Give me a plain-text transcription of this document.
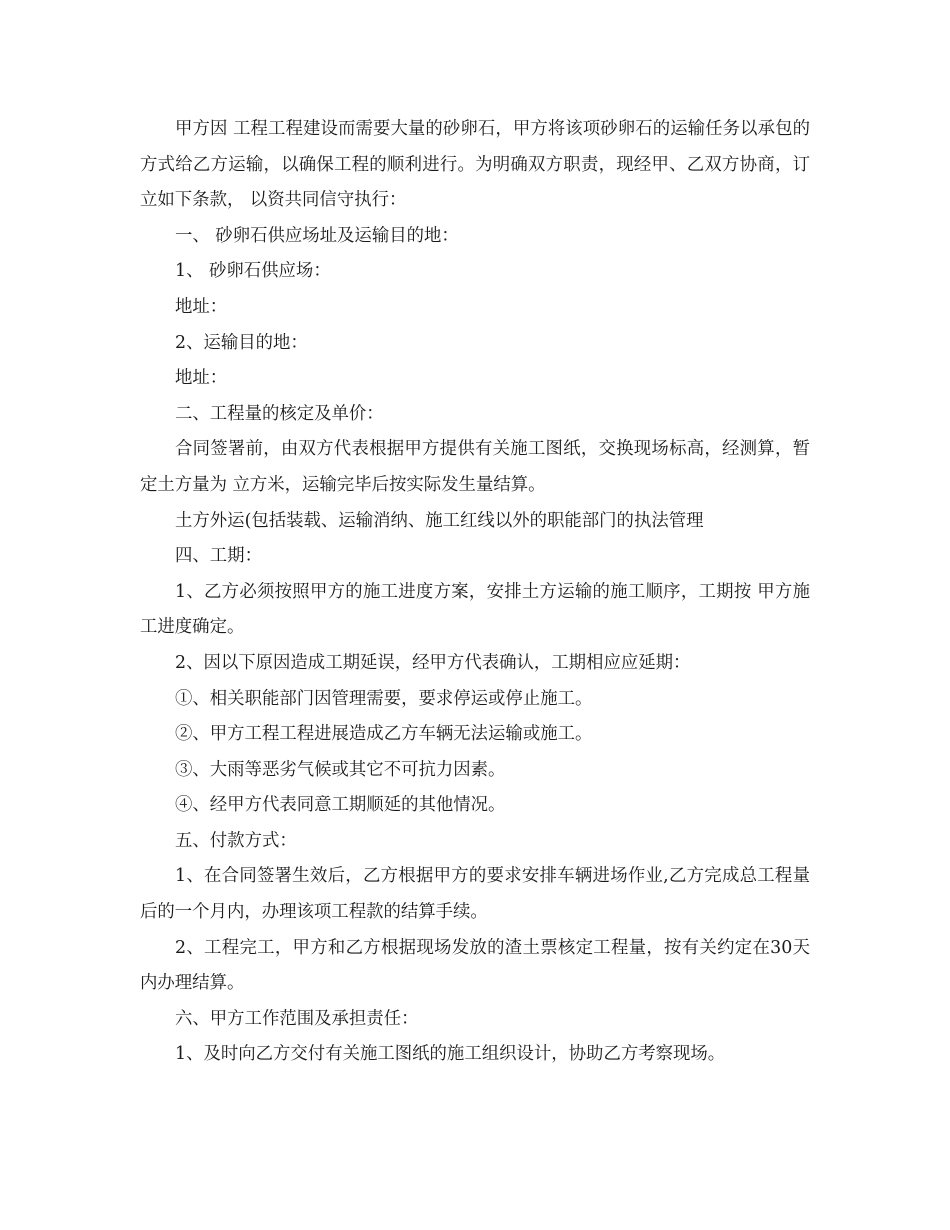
甲方因 工程工程建设而需要大量的砂卵石，甲方将该项砂卵石的运输任务以承包的方式给乙方运输，以确保工程的顺利进行。为明确双方职责，现经甲、乙双方协商，订立如下条款， 以资共同信守执行：

一、 砂卵石供应场址及运输目的地：

1、 砂卵石供应场：

地址：

2、运输目的地：

地址：

二、工程量的核定及单价：

合同签署前，由双方代表根据甲方提供有关施工图纸，交换现场标高，经测算，暂定土方量为 立方米，运输完毕后按实际发生量结算。

土方外运(包括装载、运输消纳、施工红线以外的职能部门的执法管理

四、工期：

1、乙方必须按照甲方的施工进度方案，安排土方运输的施工顺序，工期按 甲方施工进度确定。

2、因以下原因造成工期延误，经甲方代表确认，工期相应应延期：

①、相关职能部门因管理需要，要求停运或停止施工。

②、甲方工程工程进展造成乙方车辆无法运输或施工。

③、大雨等恶劣气候或其它不可抗力因素。

④、经甲方代表同意工期顺延的其他情况。

五、付款方式：

1、在合同签署生效后，乙方根据甲方的要求安排车辆进场作业,乙方完成总工程量后的一个月内，办理该项工程款的结算手续。

2、工程完工，甲方和乙方根据现场发放的渣土票核定工程量，按有关约定在30天内办理结算。

六、甲方工作范围及承担责任：

1、及时向乙方交付有关施工图纸的施工组织设计，协助乙方考察现场。
